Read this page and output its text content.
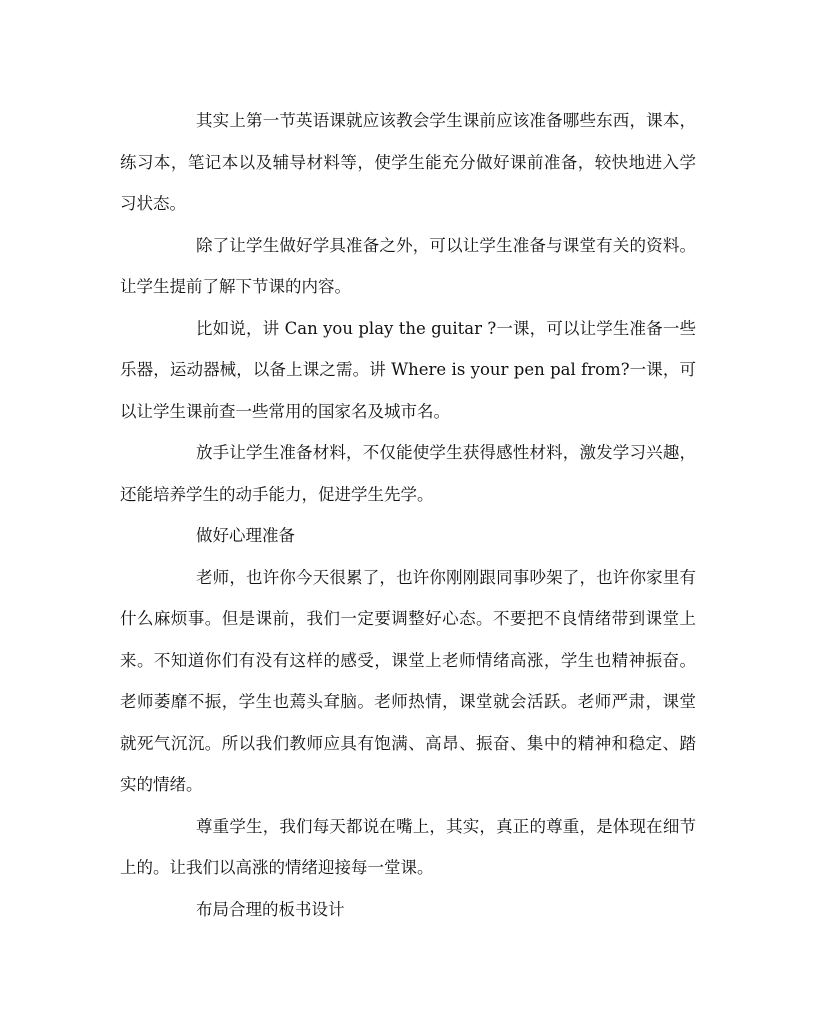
其实上第一节英语课就应该教会学生课前应该准备哪些东西，课本，练习本，笔记本以及辅导材料等，使学生能充分做好课前准备，较快地进入学习状态。

除了让学生做好学具准备之外，可以让学生准备与课堂有关的资料。让学生提前了解下节课的内容。

比如说，讲 Can you play the guitar ?一课，可以让学生准备一些乐器，运动器械，以备上课之需。讲 Where is your pen pal from?一课，可以让学生课前查一些常用的国家名及城市名。

放手让学生准备材料，不仅能使学生获得感性材料，激发学习兴趣，还能培养学生的动手能力，促进学生先学。

做好心理准备

老师，也许你今天很累了，也许你刚刚跟同事吵架了，也许你家里有什么麻烦事。但是课前，我们一定要调整好心态。不要把不良情绪带到课堂上来。不知道你们有没有这样的感受，课堂上老师情绪高涨，学生也精神振奋。老师萎靡不振，学生也蔫头耷脑。老师热情，课堂就会活跃。老师严肃，课堂就死气沉沉。所以我们教师应具有饱满、高昂、振奋、集中的精神和稳定、踏实的情绪。

尊重学生，我们每天都说在嘴上，其实，真正的尊重，是体现在细节上的。让我们以高涨的情绪迎接每一堂课。

布局合理的板书设计
